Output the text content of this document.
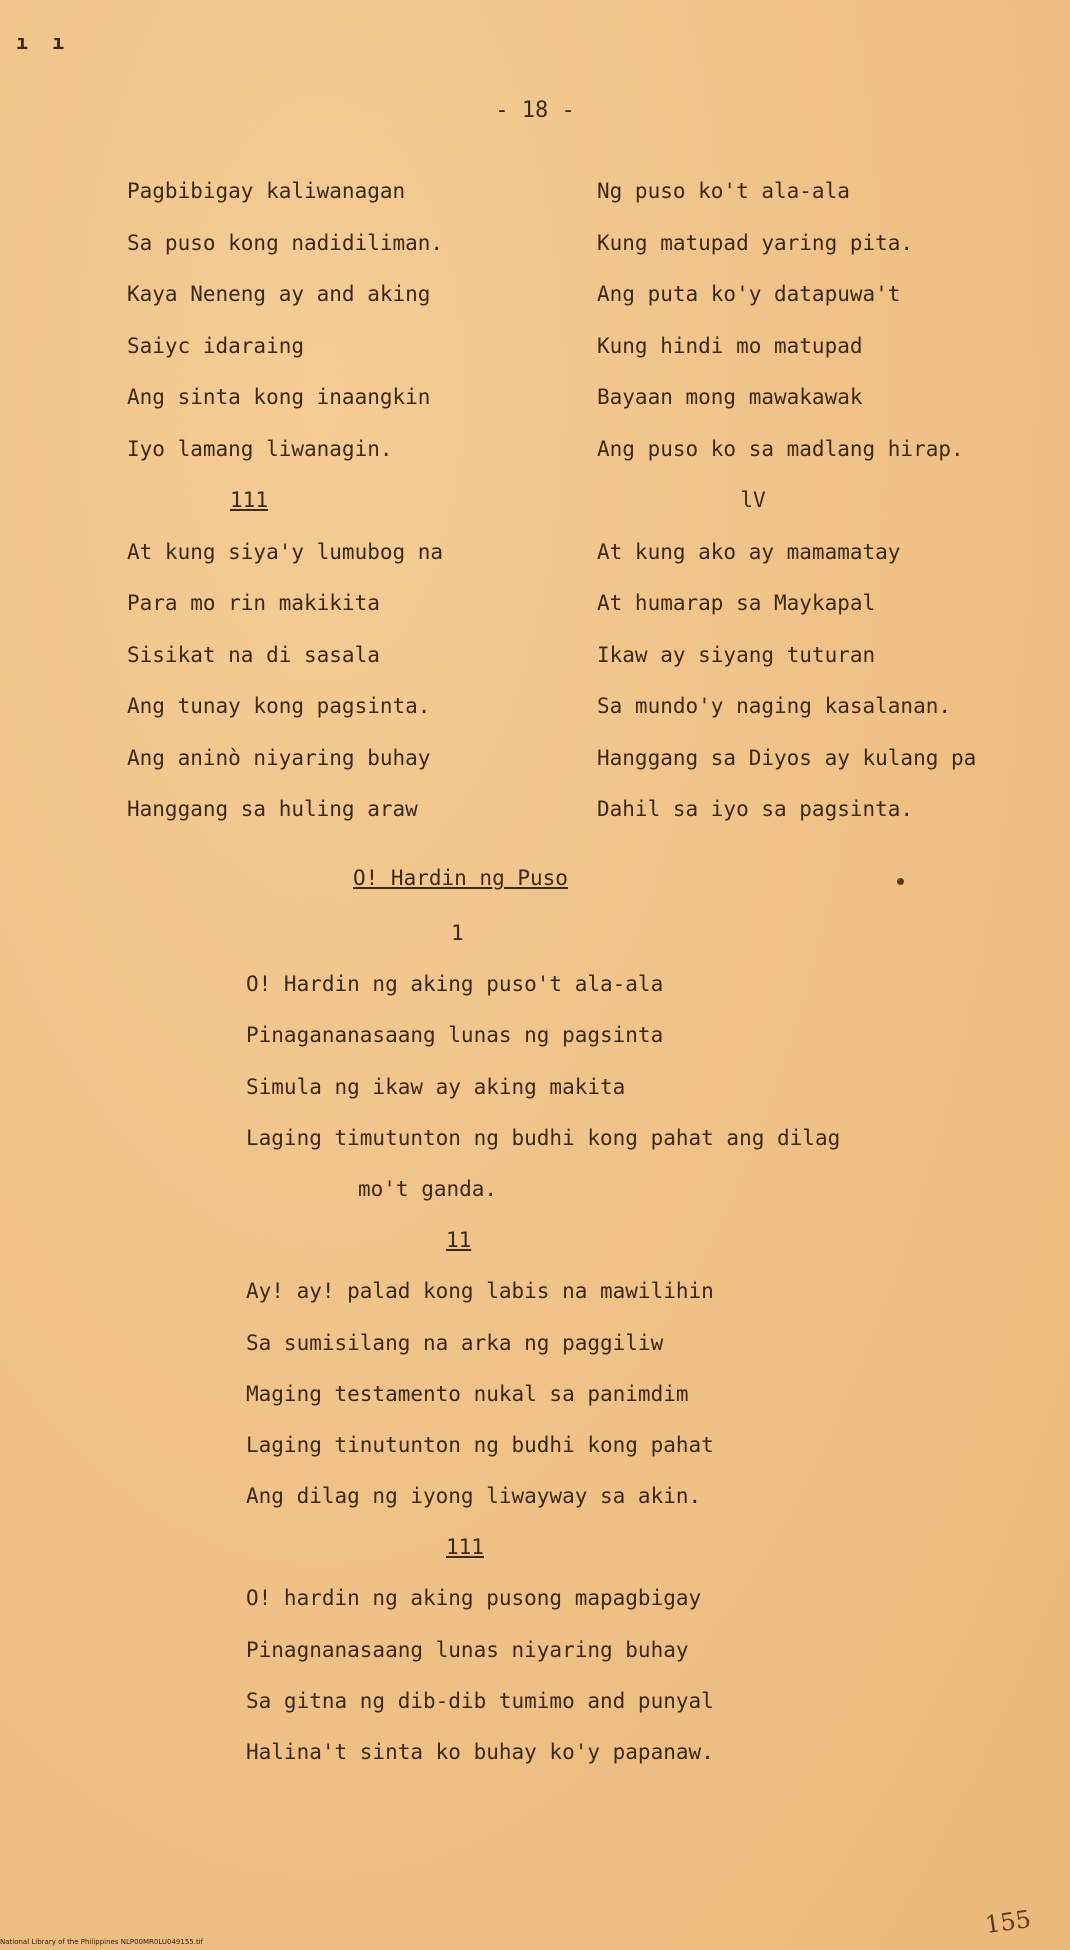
ı ı
- 18 -
Pagbibigay kaliwanagan
Sa puso kong nadidiliman.
Kaya Neneng ay and aking
Saiyc idaraing
Ang sinta kong inaangkin
Iyo lamang liwanagin.
111
At kung siya'y lumubog na
Para mo rin makikita
Sisikat na di sasala
Ang tunay kong pagsinta.
Ang aninò niyaring buhay
Hanggang sa huling araw
Ng puso ko't ala-ala
Kung matupad yaring pita.
Ang puta ko'y datapuwa't
Kung hindi mo matupad
Bayaan mong mawakawak
Ang puso ko sa madlang hirap.
lV
At kung ako ay mamamatay
At humarap sa Maykapal
Ikaw ay siyang tuturan
Sa mundo'y naging kasalanan.
Hanggang sa Diyos ay kulang pa
Dahil sa iyo sa pagsinta.
O! Hardin ng Puso
1
O! Hardin ng aking puso't ala-ala
Pinagananasaang lunas ng pagsinta
Simula ng ikaw ay aking makita
Laging timutunton ng budhi kong pahat ang dilag
mo't ganda.
11
Ay! ay! palad kong labis na mawilihin
Sa sumisilang na arka ng paggiliw
Maging testamento nukal sa panimdim
Laging tinutunton ng budhi kong pahat
Ang dilag ng iyong liwayway sa akin.
111
O! hardin ng aking pusong mapagbigay
Pinagnanasaang lunas niyaring buhay
Sa gitna ng dib-dib tumimo and punyal
Halina't sinta ko buhay ko'y papanaw.
155
National Library of the Philippines NLP00MR0LU049155.tif
